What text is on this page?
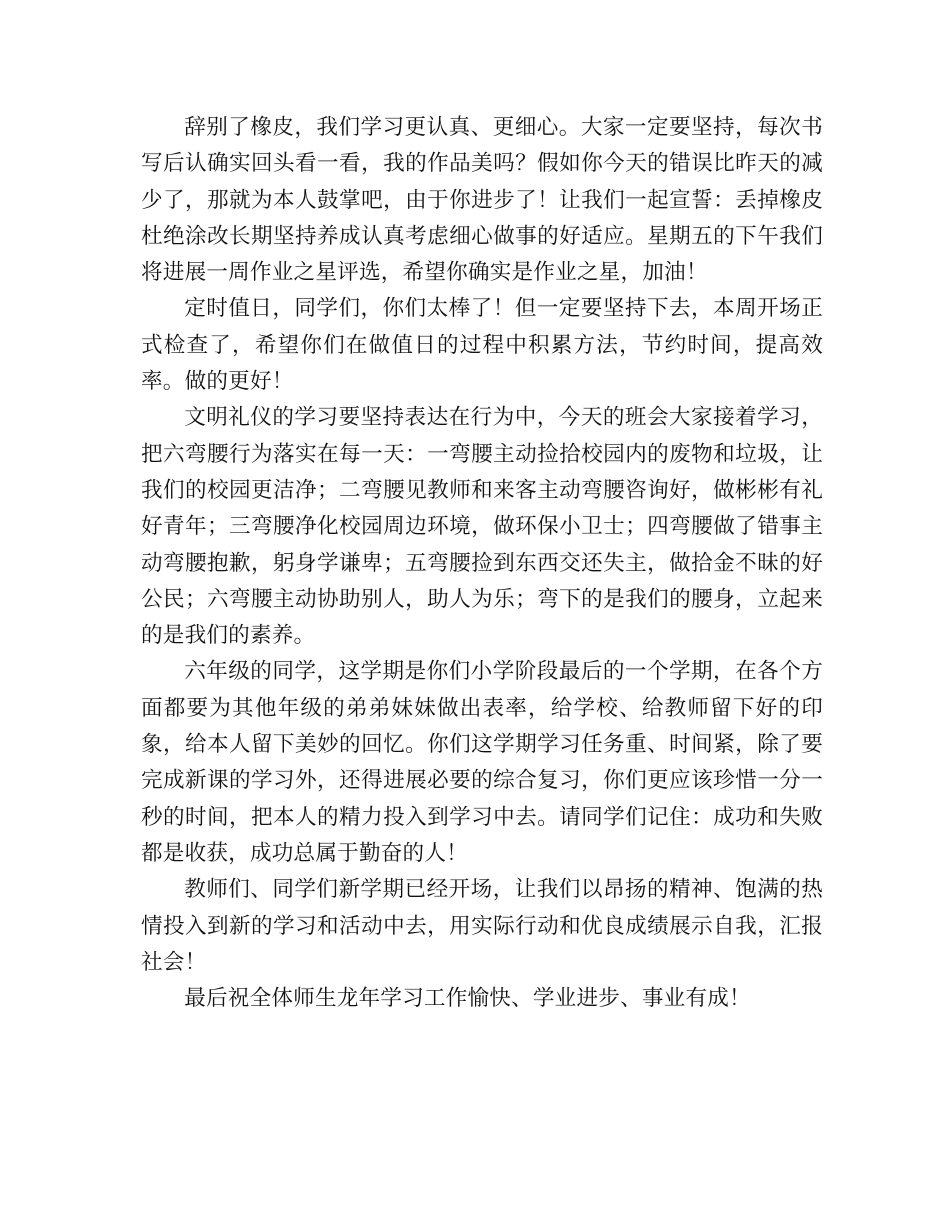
辞别了橡皮，我们学习更认真、更细心。大家一定要坚持，每次书写后认确实回头看一看，我的作品美吗？假如你今天的错误比昨天的减少了，那就为本人鼓掌吧，由于你进步了！让我们一起宣誓：丢掉橡皮杜绝涂改长期坚持养成认真考虑细心做事的好适应。星期五的下午我们将进展一周作业之星评选，希望你确实是作业之星，加油！

定时值日，同学们，你们太棒了！但一定要坚持下去，本周开场正式检查了，希望你们在做值日的过程中积累方法，节约时间，提高效率。做的更好！

文明礼仪的学习要坚持表达在行为中，今天的班会大家接着学习，把六弯腰行为落实在每一天：一弯腰主动捡拾校园内的废物和垃圾，让我们的校园更洁净；二弯腰见教师和来客主动弯腰咨询好，做彬彬有礼好青年；三弯腰净化校园周边环境，做环保小卫士；四弯腰做了错事主动弯腰抱歉，躬身学谦卑；五弯腰捡到东西交还失主，做拾金不昧的好公民；六弯腰主动协助别人，助人为乐；弯下的是我们的腰身，立起来的是我们的素养。

六年级的同学，这学期是你们小学阶段最后的一个学期，在各个方面都要为其他年级的弟弟妹妹做出表率，给学校、给教师留下好的印象，给本人留下美妙的回忆。你们这学期学习任务重、时间紧，除了要完成新课的学习外，还得进展必要的综合复习，你们更应该珍惜一分一秒的时间，把本人的精力投入到学习中去。请同学们记住：成功和失败都是收获，成功总属于勤奋的人！

教师们、同学们新学期已经开场，让我们以昂扬的精神、饱满的热情投入到新的学习和活动中去，用实际行动和优良成绩展示自我，汇报社会！

最后祝全体师生龙年学习工作愉快、学业进步、事业有成！
